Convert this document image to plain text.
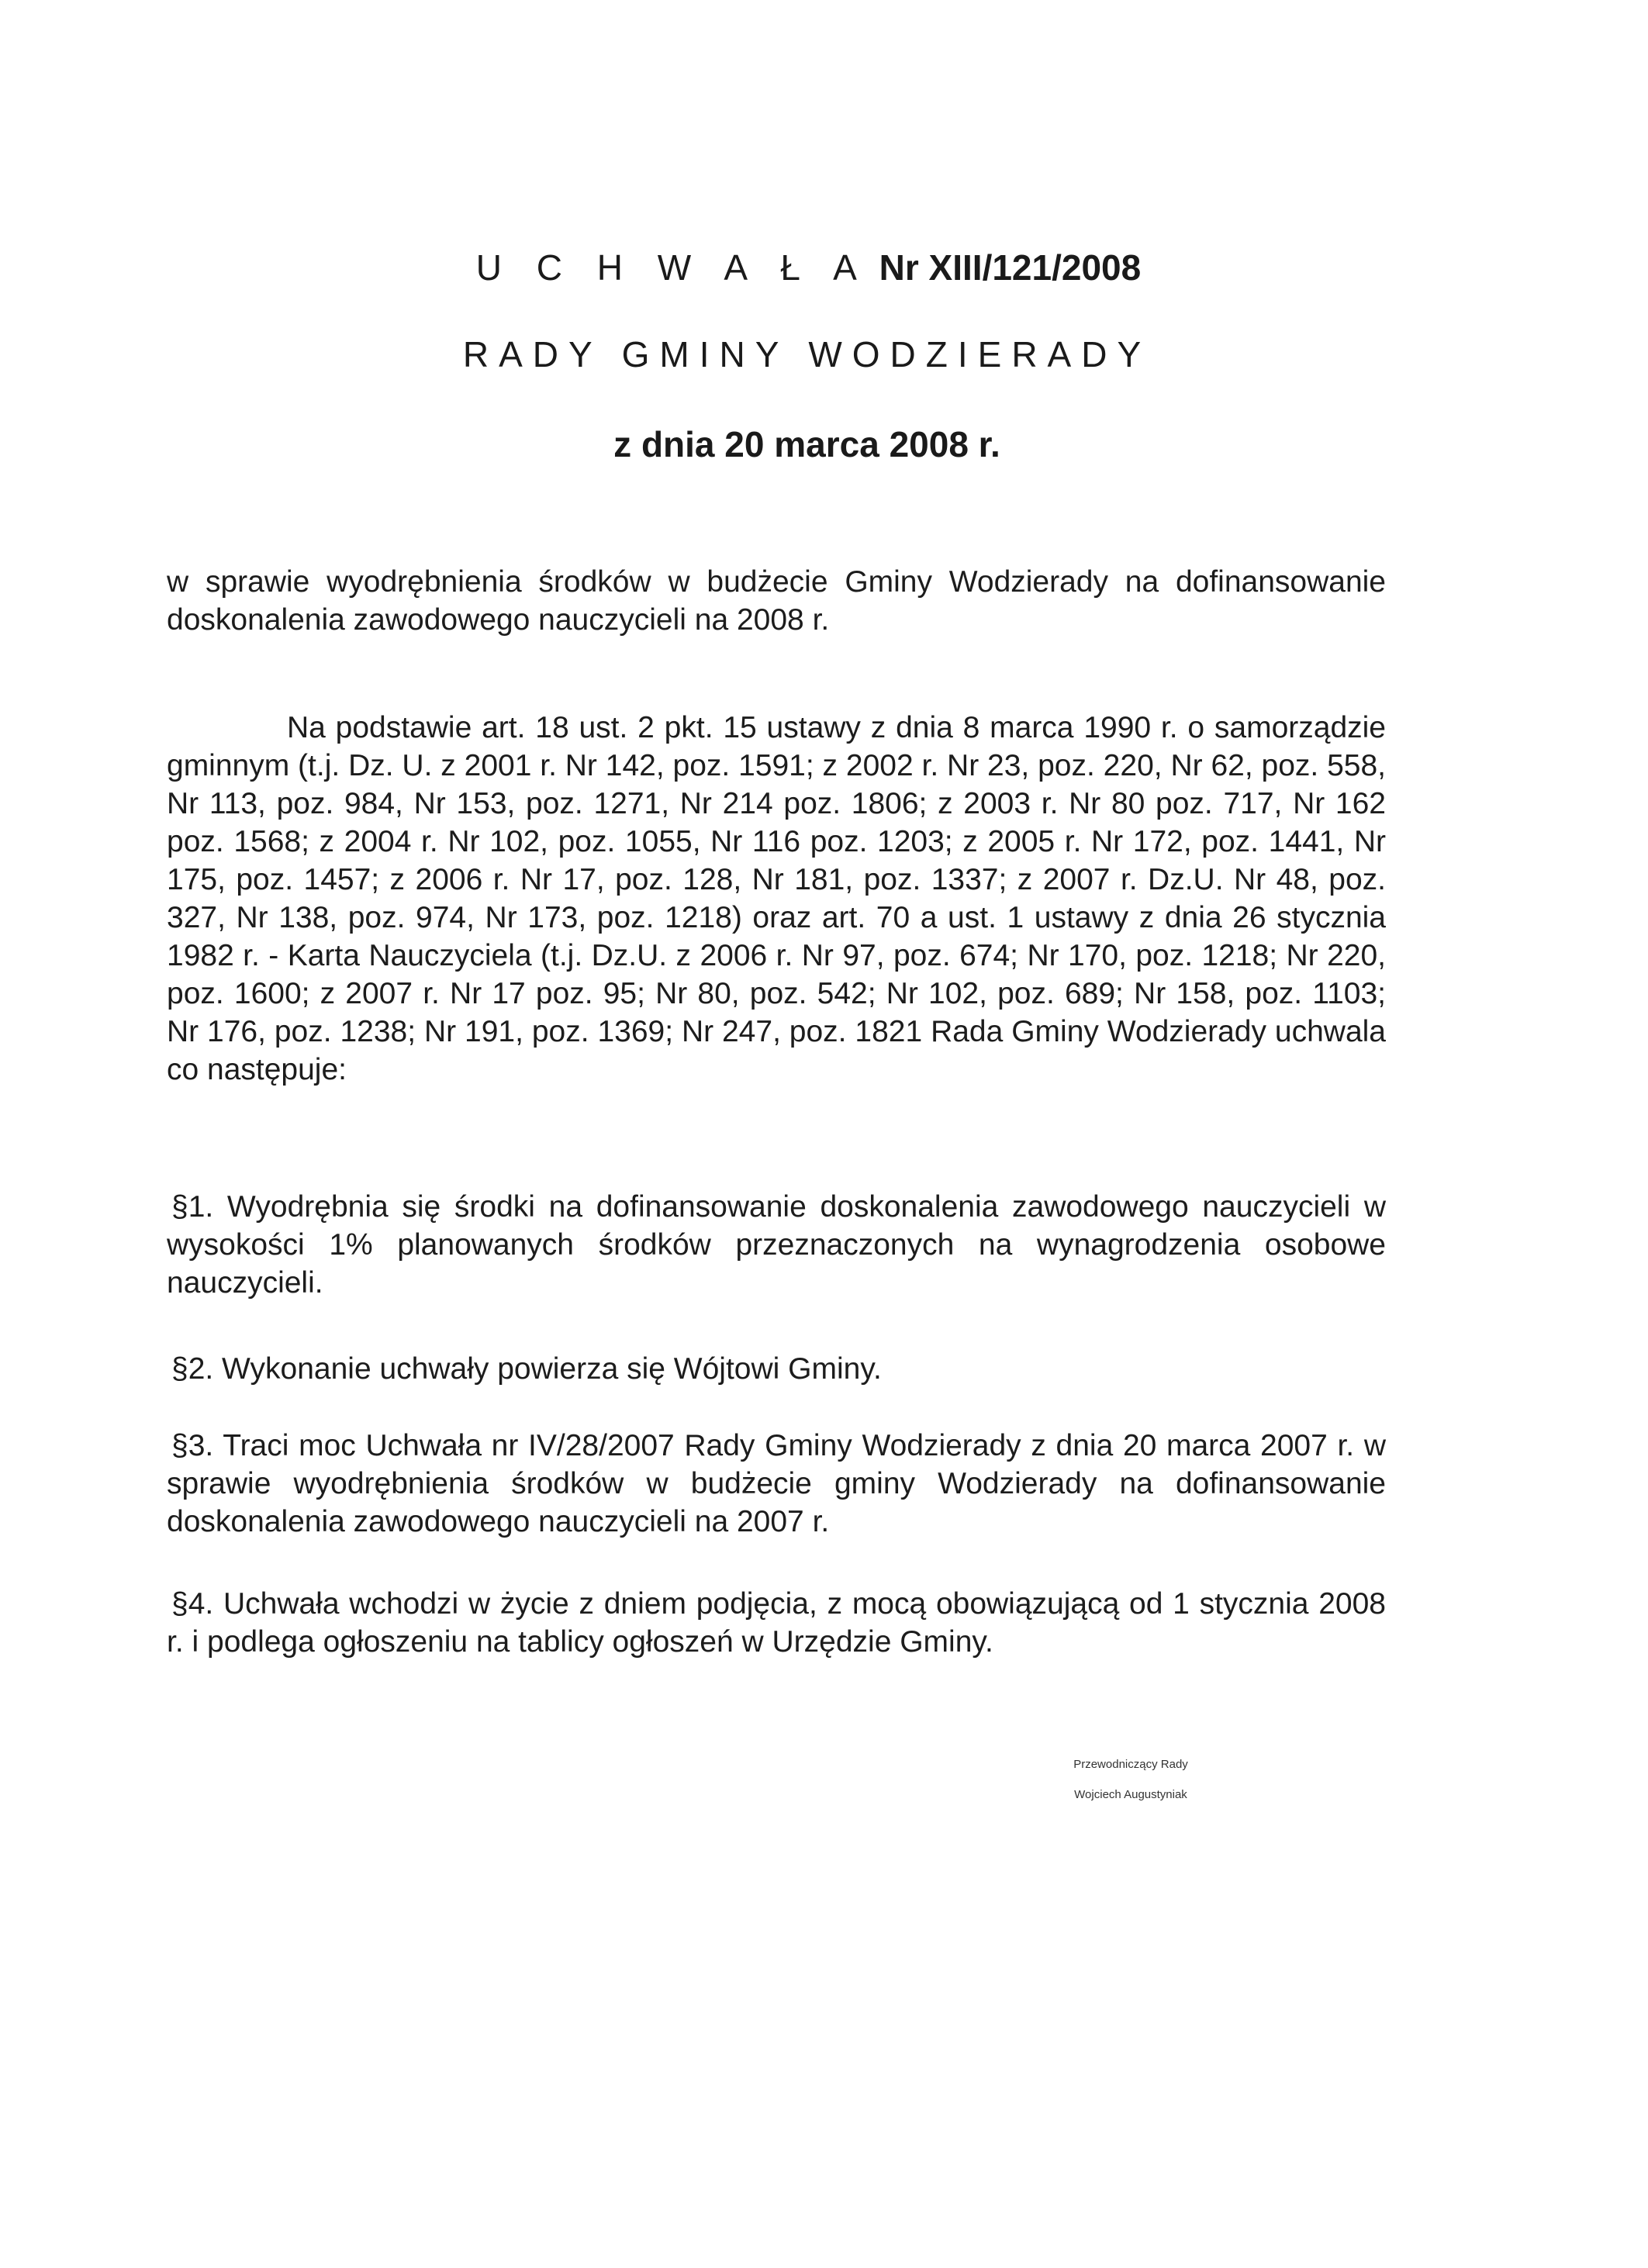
U C H W A Ł A Nr XIII/121/2008
RADY GMINY WODZIERADY
z dnia 20 marca 2008 r.
w sprawie wyodrębnienia środków w budżecie Gminy Wodzierady na dofinansowanie doskonalenia zawodowego nauczycieli na 2008 r.
Na podstawie art. 18 ust. 2 pkt. 15 ustawy z dnia 8 marca 1990 r. o samorządzie gminnym (t.j. Dz. U. z 2001 r. Nr 142, poz. 1591; z 2002 r. Nr 23, poz. 220, Nr 62, poz. 558, Nr 113, poz. 984, Nr 153, poz. 1271, Nr 214 poz. 1806; z 2003 r. Nr 80 poz. 717, Nr 162 poz. 1568; z 2004 r. Nr 102, poz. 1055, Nr 116 poz. 1203; z 2005 r. Nr 172, poz. 1441, Nr 175, poz. 1457; z 2006 r. Nr 17, poz. 128, Nr 181, poz. 1337; z 2007 r. Dz.U. Nr 48, poz. 327, Nr 138, poz. 974, Nr 173, poz. 1218) oraz art. 70 a ust. 1 ustawy z dnia 26 stycznia 1982 r. - Karta Nauczyciela (t.j. Dz.U. z 2006 r. Nr 97, poz. 674; Nr 170, poz. 1218; Nr 220, poz. 1600; z 2007 r. Nr 17 poz. 95; Nr 80, poz. 542; Nr 102, poz. 689; Nr 158, poz. 1103; Nr 176, poz. 1238; Nr 191, poz. 1369; Nr 247, poz. 1821 Rada Gminy Wodzierady uchwala co następuje:
§1. Wyodrębnia się środki na dofinansowanie doskonalenia zawodowego nauczycieli w wysokości 1% planowanych środków przeznaczonych na wynagrodzenia osobowe nauczycieli.
§2. Wykonanie uchwały powierza się Wójtowi Gminy.
§3. Traci moc Uchwała nr IV/28/2007 Rady Gminy Wodzierady z dnia 20 marca 2007 r. w sprawie wyodrębnienia środków w budżecie gminy Wodzierady na dofinansowanie doskonalenia zawodowego nauczycieli na 2007 r.
§4. Uchwała wchodzi w życie z dniem podjęcia, z mocą obowiązującą od 1 stycznia 2008 r. i podlega ogłoszeniu na tablicy ogłoszeń w Urzędzie Gminy.
Przewodniczący Rady
Wojciech Augustyniak
